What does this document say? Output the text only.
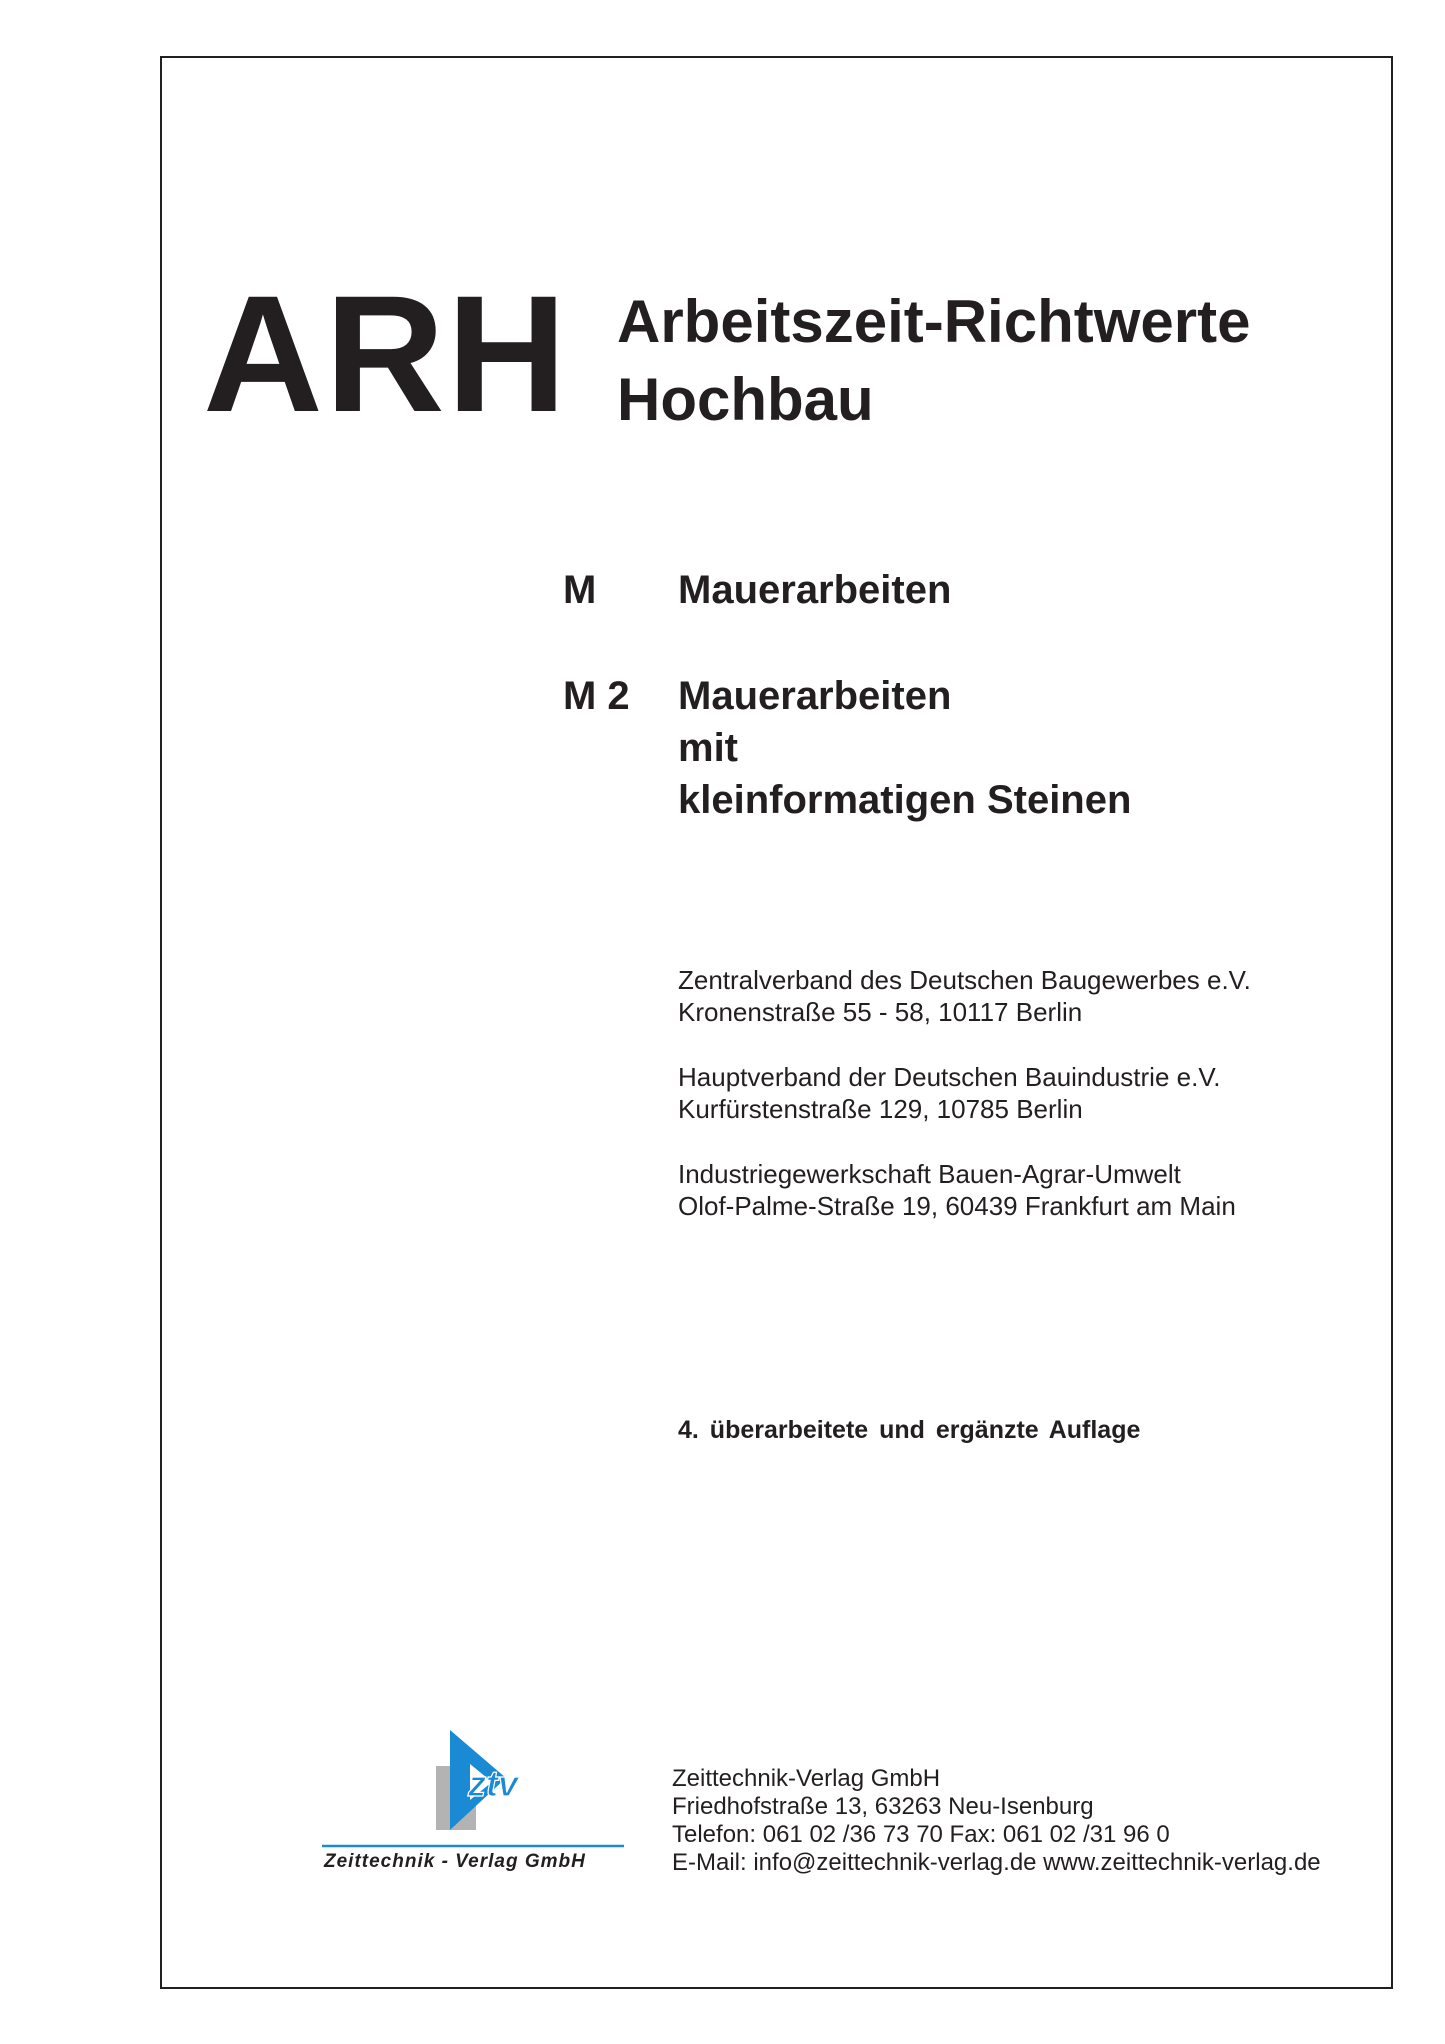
ARH Arbeitszeit-Richtwerte
Hochbau
M Mauerarbeiten
M 2 Mauerarbeiten
mit
kleinformatigen Steinen
Zentralverband des Deutschen Baugewerbes e.V.
Kronenstraße 55 - 58, 10117 Berlin
Hauptverband der Deutschen Bauindustrie e.V.
Kurfürstenstraße 129, 10785 Berlin
Industriegewerkschaft Bauen-Agrar-Umwelt
Olof-Palme-Straße 19, 60439 Frankfurt am Main
4. überarbeitete und ergänzte Auflage
ztv
Zeittechnik - Verlag GmbH
Zeittechnik-Verlag GmbH
Friedhofstraße 13, 63263 Neu-Isenburg
Telefon: 061 02 /36 73 70 Fax: 061 02 /31 96 0
E-Mail: info@zeittechnik-verlag.de www.zeittechnik-verlag.de
